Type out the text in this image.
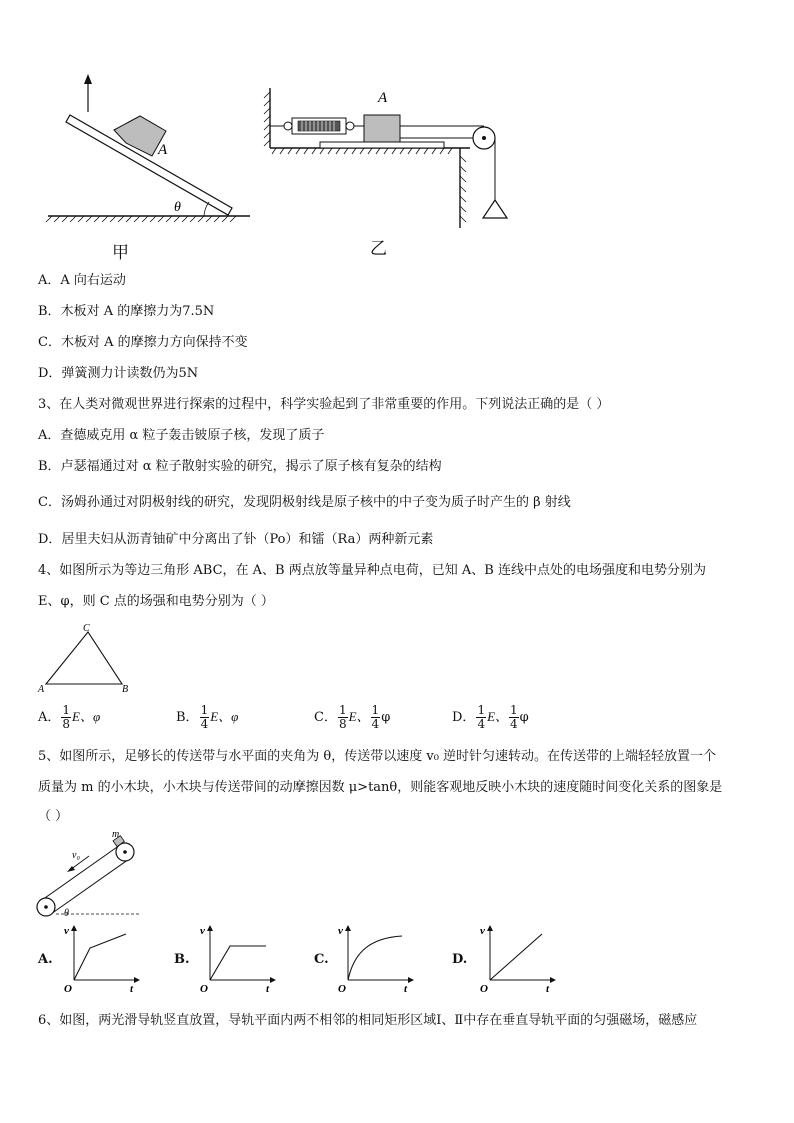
A
θ
甲
A
乙
A．A 向右运动
B．木板对 A 的摩擦力为7.5N
C．木板对 A 的摩擦力方向保持不变
D．弹簧测力计读数仍为5N
3、在人类对微观世界进行探索的过程中，科学实验起到了非常重要的作用。下列说法正确的是（ ）
A．查德威克用 α 粒子轰击铍原子核，发现了质子
B．卢瑟福通过对 α 粒子散射实验的研究，揭示了原子核有复杂的结构
C．汤姆孙通过对阴极射线的研究，发现阴极射线是原子核中的中子变为质子时产生的 β 射线
D．居里夫妇从沥青铀矿中分离出了钋（Po）和镭（Ra）两种新元素
4、如图所示为等边三角形 ABC，在 A、B 两点放等量异种点电荷，已知 A、B 连线中点处的电场强度和电势分别为
E、φ，则 C 点的场强和电势分别为（ ）
C
A	B
A． $\frac{1}{8}$ E、φ	B． $\frac{1}{4}$ E、φ	C． $\frac{1}{8}$ E、 $\frac{1}{4}$ φ	D． $\frac{1}{4}$ E、 $\frac{1}{4}$ φ
5、如图所示，足够长的传送带与水平面的夹角为 θ，传送带以速度 v₀ 逆时针匀速转动。在传送带的上端轻轻放置一个
质量为 m 的小木块，小木块与传送带间的动摩擦因数 μ>tanθ，则能客观地反映小木块的速度随时间变化关系的图象是
（ ）
m
v₀
θ
A.
v
O	t
B.
v
O	t
C.
v
O	t
D.
v
O	t
6、如图，两光滑导轨竖直放置，导轨平面内两不相邻的相同矩形区域Ⅰ、Ⅱ中存在垂直导轨平面的匀强磁场，磁感应
